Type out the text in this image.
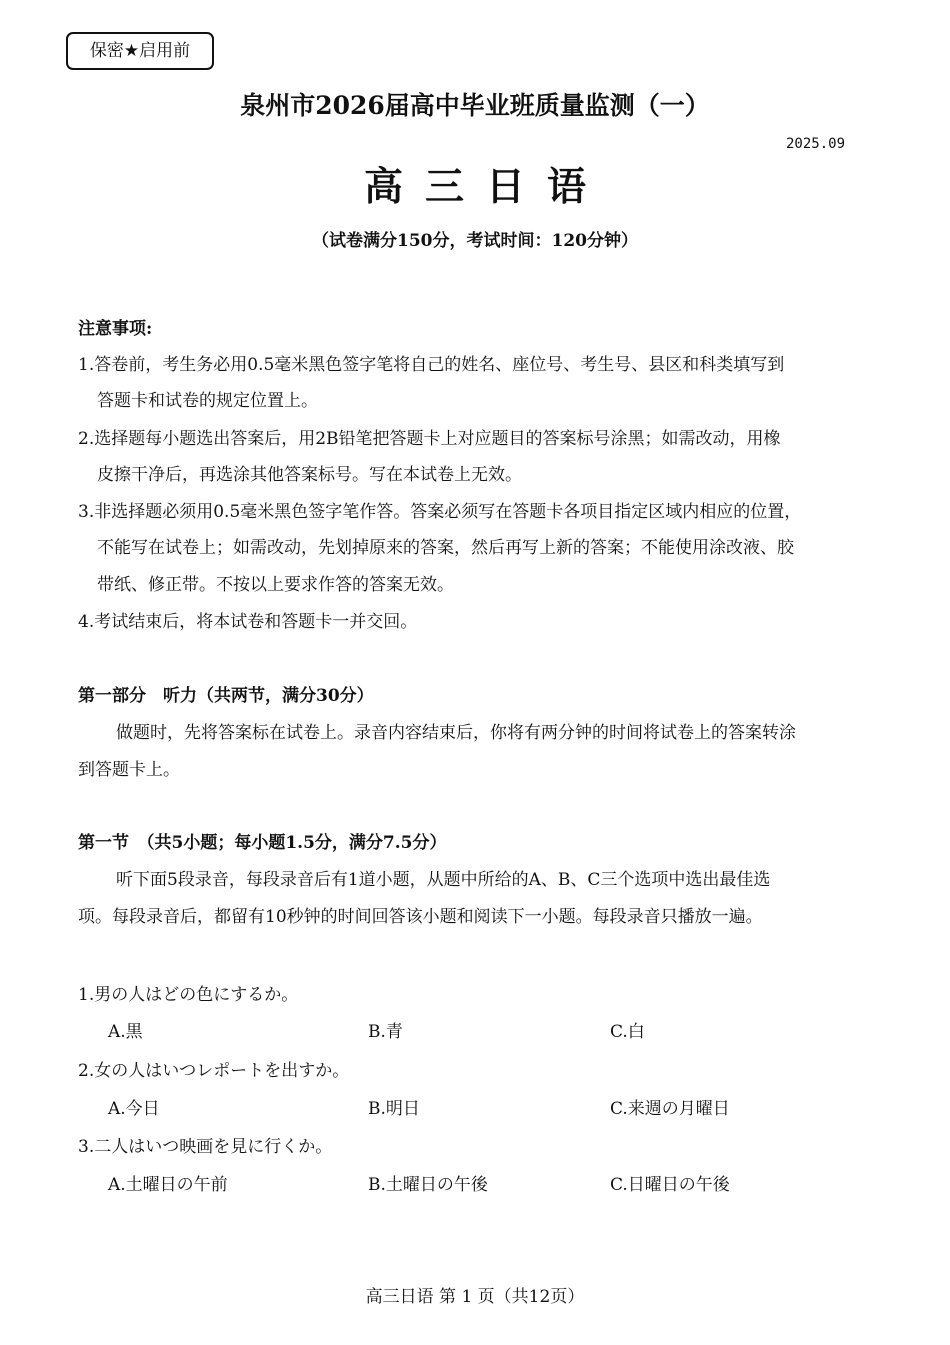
保密★启用前
泉州市2026届高中毕业班质量监测（一）
2025.09
高三日语
（试卷满分150分，考试时间：120分钟）
注意事项:
1.答卷前，考生务必用0.5毫米黑色签字笔将自己的姓名、座位号、考生号、县区和科类填写到
答题卡和试卷的规定位置上。
2.选择题每小题选出答案后，用2B铅笔把答题卡上对应题目的答案标号涂黑；如需改动，用橡
皮擦干净后，再选涂其他答案标号。写在本试卷上无效。
3.非选择题必须用0.5毫米黑色签字笔作答。答案必须写在答题卡各项目指定区域内相应的位置，
不能写在试卷上；如需改动，先划掉原来的答案，然后再写上新的答案；不能使用涂改液、胶
带纸、修正带。不按以上要求作答的答案无效。
4.考试结束后，将本试卷和答题卡一并交回。
第一部分　听力（共两节，满分30分）
做题时，先将答案标在试卷上。录音内容结束后，你将有两分钟的时间将试卷上的答案转涂
到答题卡上。
第一节　（共5小题；每小题1.5分，满分7.5分）
听下面5段录音，每段录音后有1道小题，从题中所给的A、B、C三个选项中选出最佳选
项。每段录音后，都留有10秒钟的时间回答该小题和阅读下一小题。每段录音只播放一遍。
1.男の人はどの色にするか。
A.黒	B.青	C.白
2.女の人はいつレポートを出すか。
A.今日	B.明日	C.来週の月曜日
3.二人はいつ映画を見に行くか。
A.土曜日の午前	B.土曜日の午後	C.日曜日の午後
高三日语 第 1 页（共12页）
